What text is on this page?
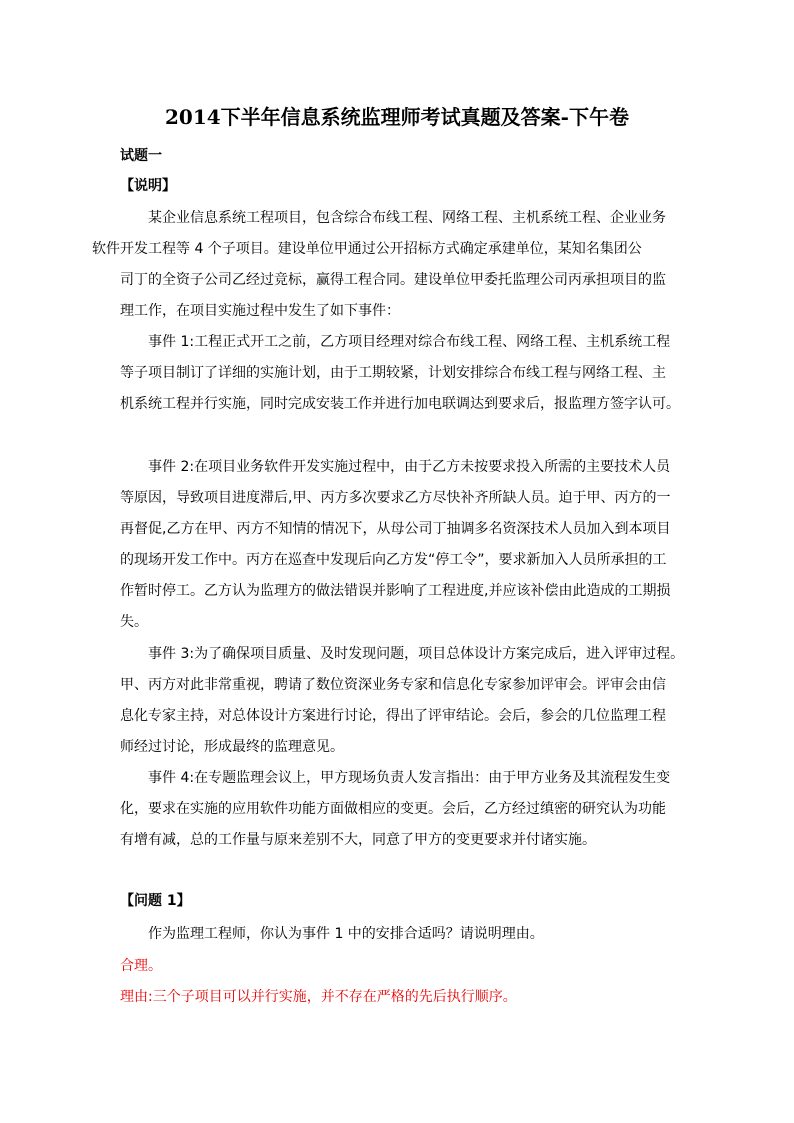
2014下半年信息系统监理师考试真题及答案-下午卷
试题一
【说明】

某企业信息系统工程项目，包含综合布线工程、网络工程、主机系统工程、企业业务
软件开发工程等 4 个子项目。建设单位甲通过公开招标方式确定承建单位，某知名集团公
司丁的全资子公司乙经过竞标，赢得工程合同。建设单位甲委托监理公司丙承担项目的监
理工作，在项目实施过程中发生了如下事件：

事件 1:工程正式开工之前，乙方项目经理对综合布线工程、网络工程、主机系统工程
等子项目制订了详细的实施计划，由于工期较紧，计划安排综合布线工程与网络工程、主
机系统工程并行实施，同时完成安装工作并进行加电联调达到要求后，报监理方签字认可。

事件 2:在项目业务软件开发实施过程中，由于乙方未按要求投入所需的主要技术人员
等原因，导致项目进度滞后,甲、丙方多次要求乙方尽快补齐所缺人员。迫于甲、丙方的一
再督促,乙方在甲、丙方不知情的情况下，从母公司丁抽调多名资深技术人员加入到本项目
的现场开发工作中。丙方在巡查中发现后向乙方发“停工令”，要求新加入人员所承担的工
作暂时停工。乙方认为监理方的做法错误并影响了工程进度,并应该补偿由此造成的工期损
失。

事件 3:为了确保项目质量、及时发现问题，项目总体设计方案完成后，进入评审过程。
甲、丙方对此非常重视，聘请了数位资深业务专家和信息化专家参加评审会。评审会由信
息化专家主持，对总体设计方案进行讨论，得出了评审结论。会后，参会的几位监理工程
师经过讨论，形成最终的监理意见。

事件 4:在专题监理会议上，甲方现场负责人发言指出：由于甲方业务及其流程发生变
化，要求在实施的应用软件功能方面做相应的变更。会后，乙方经过缜密的研究认为功能
有增有减，总的工作量与原来差别不大，同意了甲方的变更要求并付诸实施。

【问题 1】

作为监理工程师，你认为事件 1 中的安排合适吗？请说明理由。

合理。

理由:三个子项目可以并行实施，并不存在严格的先后执行顺序。
